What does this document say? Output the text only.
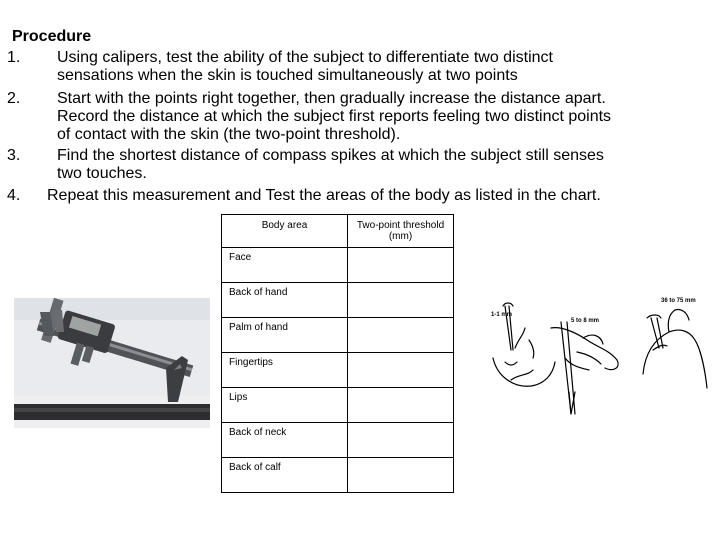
Procedure
1. Using calipers, test the ability of the subject to differentiate two distinct
sensations when the skin is touched simultaneously at two points
2. Start with the points right together, then gradually increase the distance apart.
Record the distance at which the subject first reports feeling two distinct points
of contact with the skin (the two-point threshold).
3. Find the shortest distance of compass spikes at which the subject still senses
two touches.
4. Repeat this measurement and Test the areas of the body as listed in the chart.
Body area	Two-point threshold (mm)
Face	
Back of hand	
Palm of hand	
Fingertips	
Lips	
Back of neck	
Back of calf	
1-1 mm
5 to 8 mm
36 to 75 mm
